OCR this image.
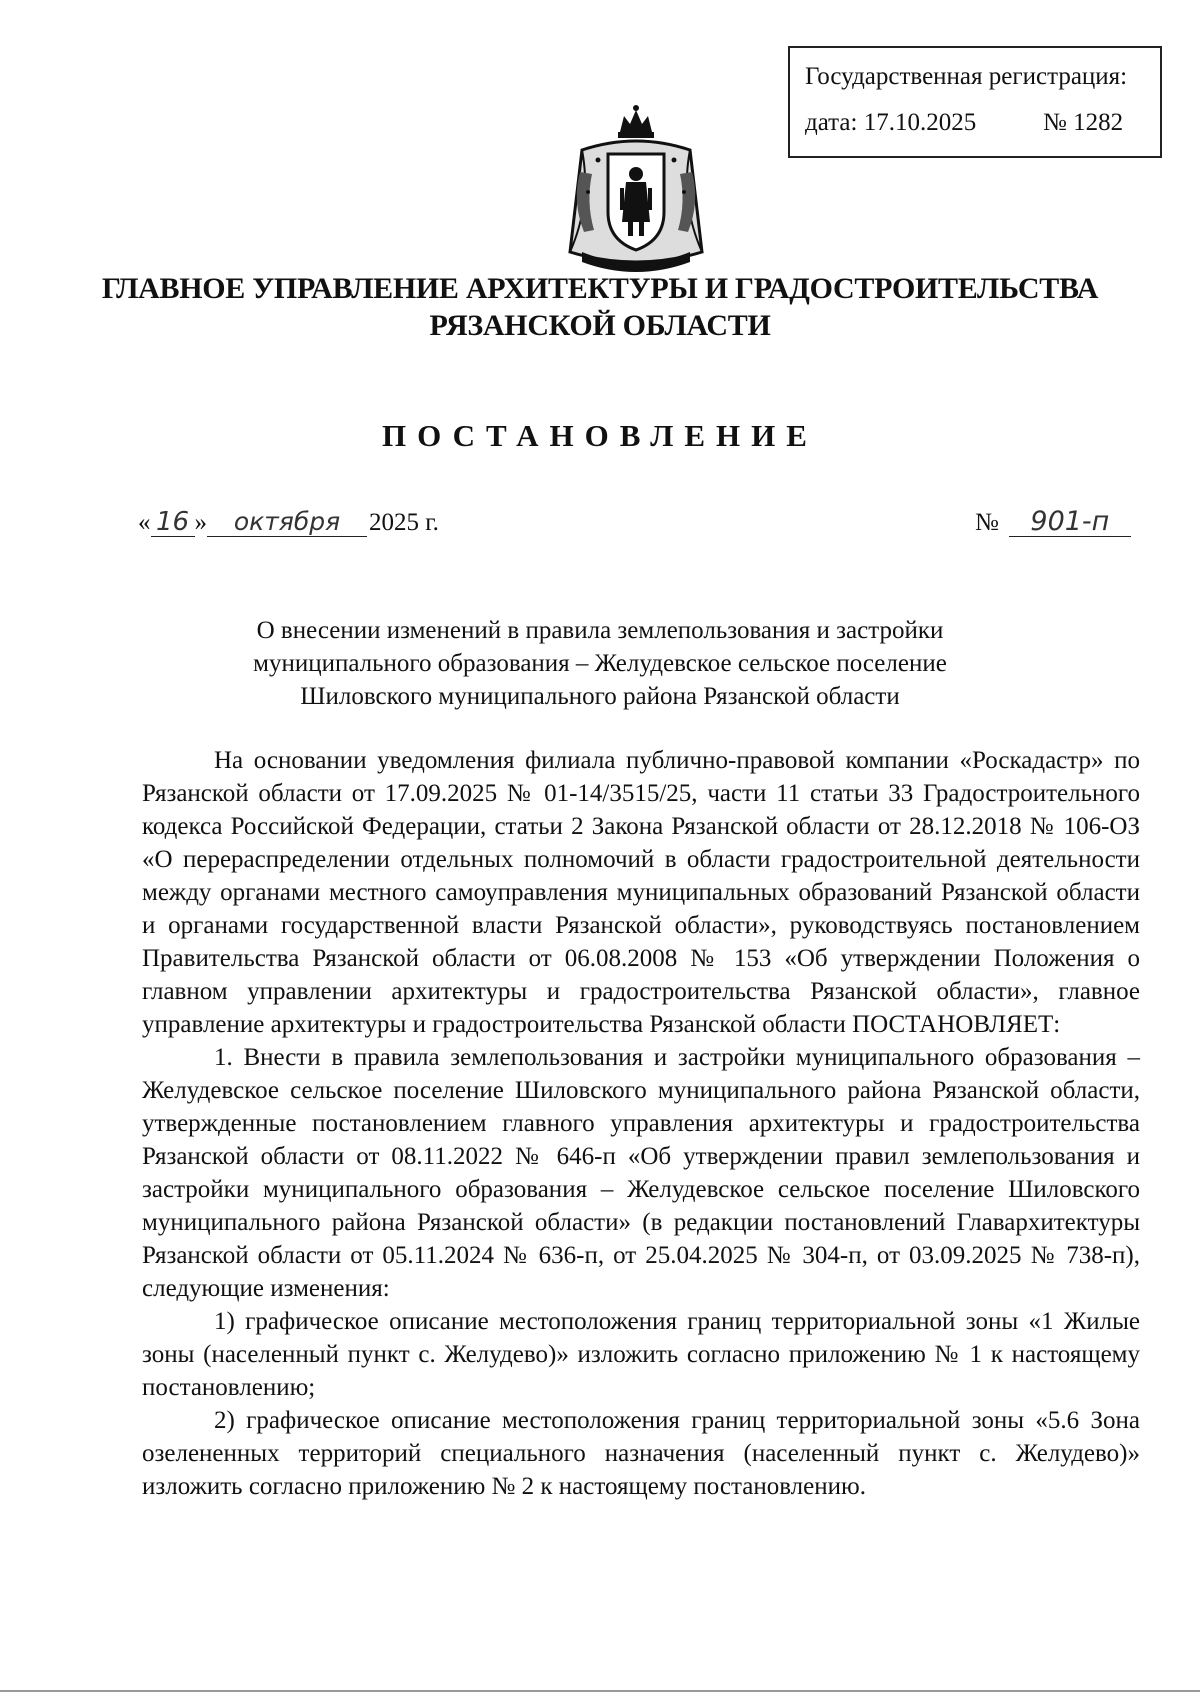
Государственная регистрация:
дата: 17.10.2025	№ 1282
ГЛАВНОЕ УПРАВЛЕНИЕ АРХИТЕКТУРЫ И ГРАДОСТРОИТЕЛЬСТВА
РЯЗАНСКОЙ ОБЛАСТИ
ПОСТАНОВЛЕНИЕ
« 16 »	октября	2025 г.	№	901-п
О внесении изменений в правила землепользования и застройки
муниципального образования – Желудевское сельское поселение
Шиловского муниципального района Рязанской области

На основании уведомления филиала публично-правовой компании «Роскадастр» по Рязанской области от 17.09.2025 № 01-14/3515/25, части 11 статьи 33 Градостроительного кодекса Российской Федерации, статьи 2 Закона Рязанской области от 28.12.2018 № 106-ОЗ «О перераспределении отдельных полномочий в области градостроительной деятельности между органами местного самоуправления муниципальных образований Рязанской области и органами государственной власти Рязанской области», руководствуясь постановлением Правительства Рязанской области от 06.08.2008 № 153 «Об утверждении Положения о главном управлении архитектуры и градостроительства Рязанской области», главное управление архитектуры и градостроительства Рязанской области ПОСТАНОВЛЯЕТ:

1. Внести в правила землепользования и застройки муниципального образования – Желудевское сельское поселение Шиловского муниципального района Рязанской области, утвержденные постановлением главного управления архитектуры и градостроительства Рязанской области от 08.11.2022 № 646-п «Об утверждении правил землепользования и застройки муниципального образования – Желудевское сельское поселение Шиловского муниципального района Рязанской области» (в редакции постановлений Главархитектуры Рязанской области от 05.11.2024 № 636-п, от 25.04.2025 № 304-п, от 03.09.2025 № 738-п), следующие изменения:

1) графическое описание местоположения границ территориальной зоны «1 Жилые зоны (населенный пункт с. Желудево)» изложить согласно приложению № 1 к настоящему постановлению;

2) графическое описание местоположения границ территориальной зоны «5.6 Зона озелененных территорий специального назначения (населенный пункт с. Желудево)» изложить согласно приложению № 2 к настоящему постановлению.
